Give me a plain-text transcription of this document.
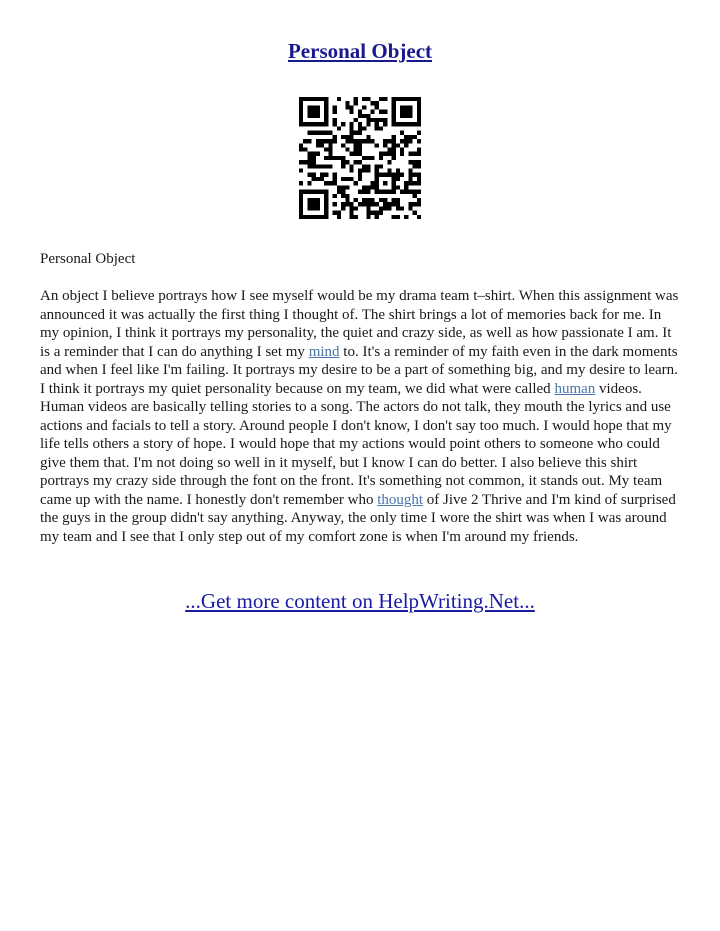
Personal Object
Personal Object

An object I believe portrays how I see myself would be my drama team t–shirt. When this assignment was announced it was actually the first thing I thought of. The shirt brings a lot of memories back for me. In my opinion, I think it portrays my personality, the quiet and crazy side, as well as how passionate I am. It is a reminder that I can do anything I set my mind to. It's a reminder of my faith even in the dark moments and when I feel like I'm failing. It portrays my desire to be a part of something big, and my desire to learn. I think it portrays my quiet personality because on my team, we did what were called human videos. Human videos are basically telling stories to a song. The actors do not talk, they mouth the lyrics and use actions and facials to tell a story. Around people I don't know, I don't say too much. I would hope that my life tells others a story of hope. I would hope that my actions would point others to someone who could give them that. I'm not doing so well in it myself, but I know I can do better. I also believe this shirt portrays my crazy side through the font on the front. It's something not common, it stands out. My team came up with the name. I honestly don't remember who thought of Jive 2 Thrive and I'm kind of surprised the guys in the group didn't say anything. Anyway, the only time I wore the shirt was when I was around my team and I see that I only step out of my comfort zone is when I'm around my friends.

...Get more content on HelpWriting.Net...
